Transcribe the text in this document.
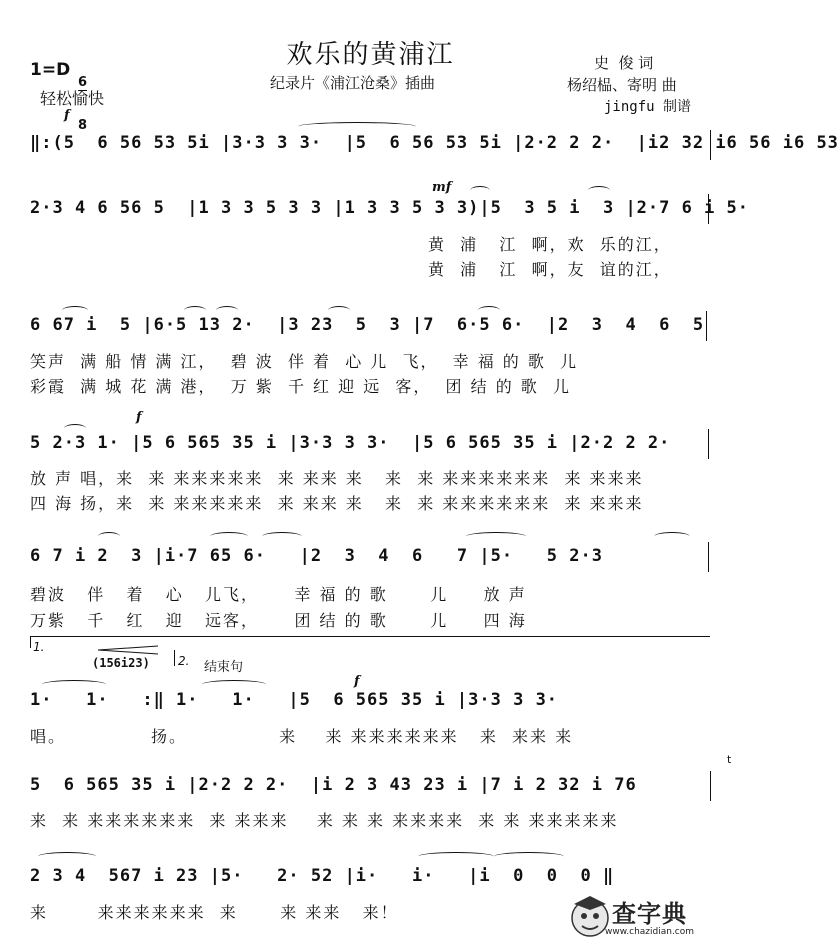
欢乐的黄浦江
纪录片《浦江沧桑》插曲
1=D

6

8

轻松愉快
史  俊 词
杨绍榀、寄明 曲
jingfu 制谱
f
‖:(5  6 56 53 5i |3·3 3 3·  |5  6 56 53 5i |2·2 2 2·  |i2 32 i6 56 i6 53
mf
2·3 4 6 56 5  |1 3 3 5 3 3 |1 3 3 5 3 3)|5  3 5 i  3 |2·7 6 i 5·
黄  浦   江  啊，欢  乐的江，
黄  浦   江  啊，友  谊的江，
6 67 i  5 |6·5 13 2·  |3 23  5  3 |7  6·5 6·  |2  3  4  6  5
笑声  满 船 情 满 江，  碧 波  伴 着  心 儿  飞，  幸 福 的 歌  儿
彩霞  满 城 花 满 港，  万 紫  千 红 迎 远  客，  团 结 的 歌  儿
f
5 2·3 1· |5 6 565 35 i |3·3 3 3·  |5 6 565 35 i |2·2 2 2·
放 声 唱，来  来 来来来来来  来 来来 来   来  来 来来来来来来  来 来来来
四 海 扬，来  来 来来来来来  来 来来 来   来  来 来来来来来来  来 来来来
6 7 i 2  3 |i·7 65 6·   |2  3  4  6   7 |5·   5 2·3
碧波   伴   着   心   儿飞，     幸 福 的 歌      儿     放 声
万紫   千   红   迎   远客，     团 结 的 歌      儿     四 海
1.
2. 结束句
(156i23)
f
1·   1·   :‖ 1·   1·   |5  6 565 35 i |3·3 3 3·
唱。            扬。             来    来 来来来来来来   来  来来 来
5  6 565 35 i |2·2 2 2·  |i 2 3 43 23 i |7 i 2 32 i 76
来  来 来来来来来来  来 来来来    来 来 来 来来来来  来 来 来来来来来
2 3 4  567 i 23 |5·   2· 52 |i·   i·   |i  0  0  0 ‖
来       来来来来来来  来      来 来来   来！
t
查字典
www.chazidian.com
